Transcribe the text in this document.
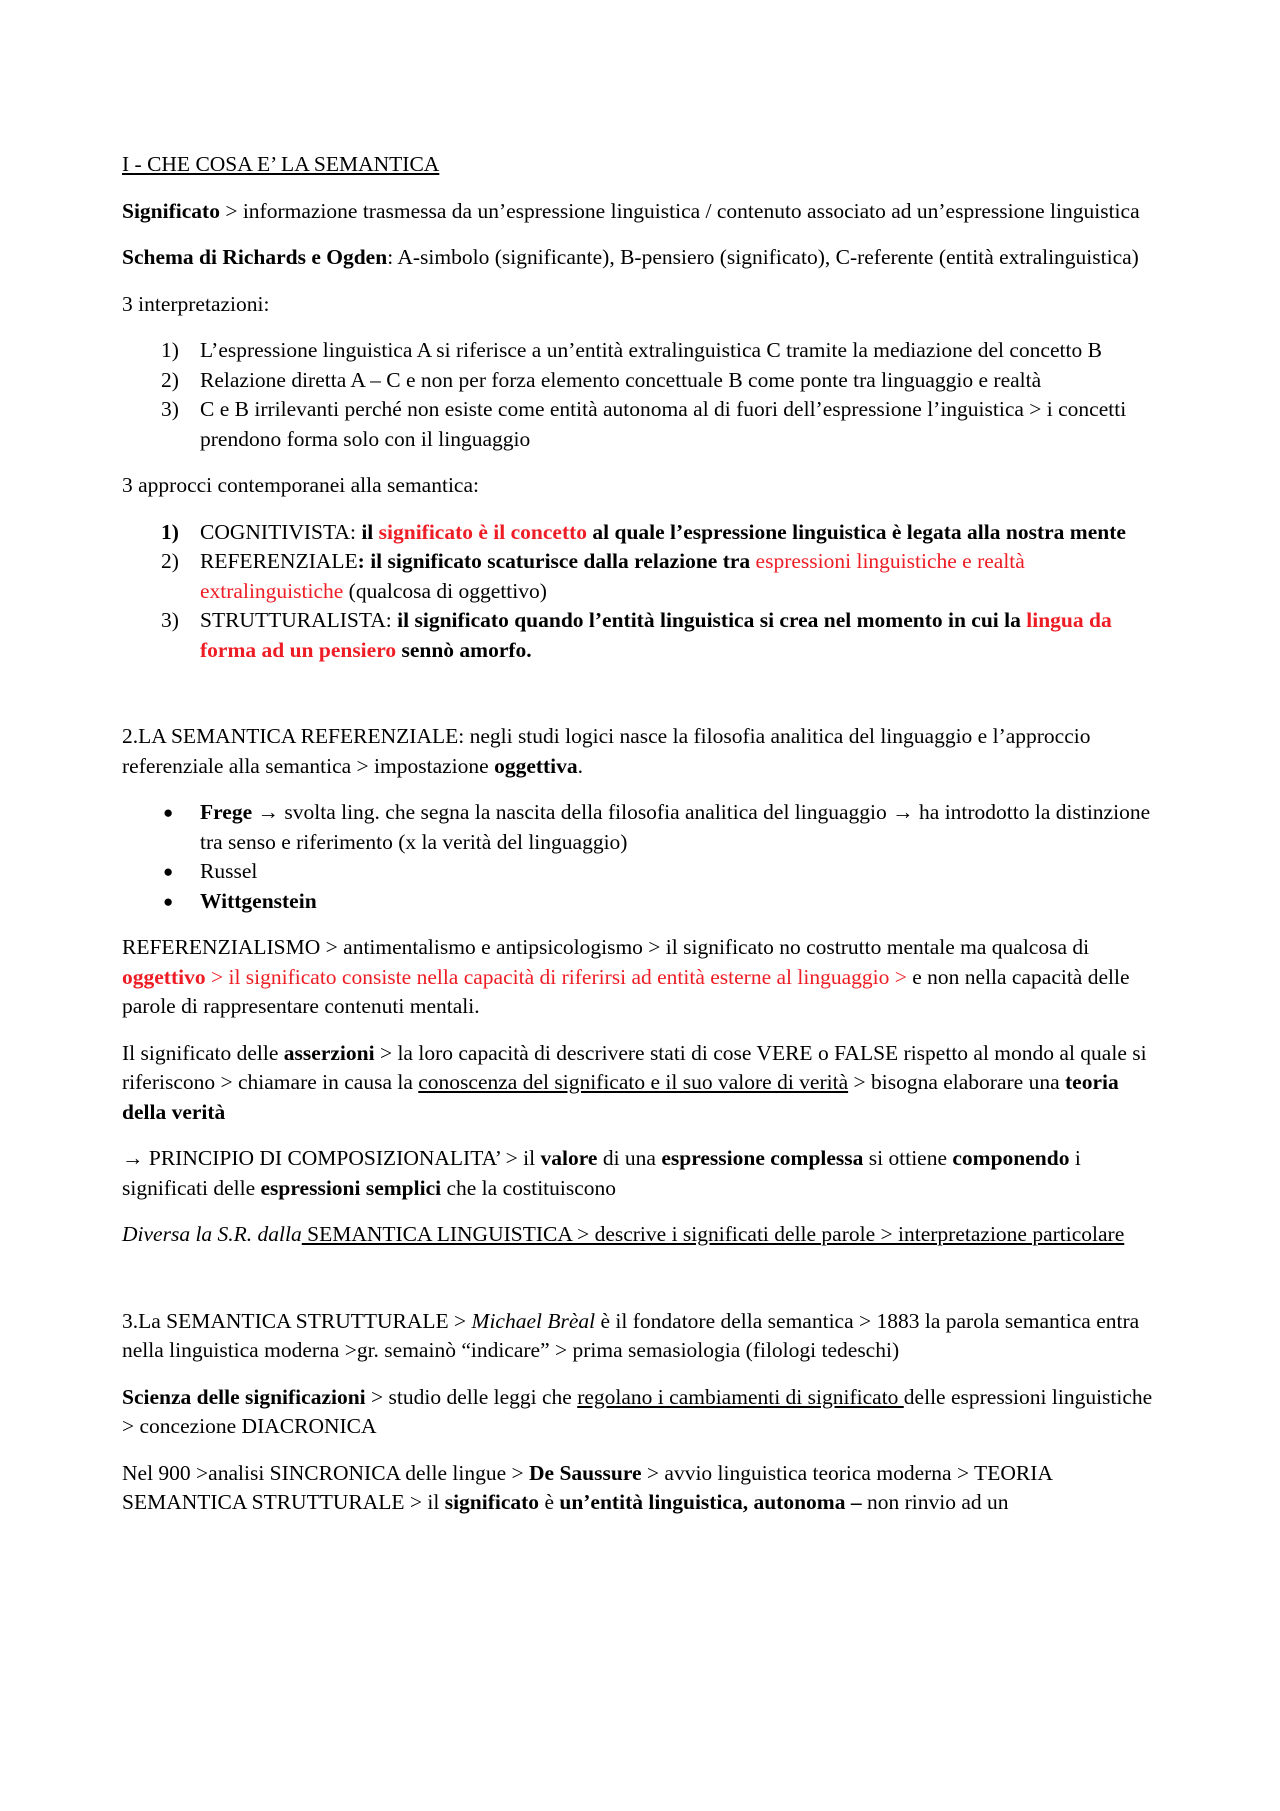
I - CHE COSA E’ LA SEMANTICA

Significato > informazione trasmessa da un’espressione linguistica / contenuto associato ad un’espressione linguistica

Schema di Richards e Ogden: A-simbolo (significante), B-pensiero (significato), C-referente (entità extralinguistica)

3 interpretazioni:

1) L’espressione linguistica A si riferisce a un’entità extralinguistica C tramite la mediazione del concetto B
2) Relazione diretta A – C e non per forza elemento concettuale B come ponte tra linguaggio e realtà
3) C e B irrilevanti perché non esiste come entità autonoma al di fuori dell’espressione l’inguistica > i concetti prendono forma solo con il linguaggio

3 approcci contemporanei alla semantica:

1) COGNITIVISTA: il significato è il concetto al quale l’espressione linguistica è legata alla nostra mente
2) REFERENZIALE: il significato scaturisce dalla relazione tra espressioni linguistiche e realtà extralinguistiche (qualcosa di oggettivo)
3) STRUTTURALISTA: il significato quando l’entità linguistica si crea nel momento in cui la lingua da forma ad un pensiero sennò amorfo.

2.LA SEMANTICA REFERENZIALE: negli studi logici nasce la filosofia analitica del linguaggio e l’approccio referenziale alla semantica > impostazione oggettiva.

● Frege → svolta ling. che segna la nascita della filosofia analitica del linguaggio → ha introdotto la distinzione tra senso e riferimento (x la verità del linguaggio)
● Russel
● Wittgenstein

REFERENZIALISMO > antimentalismo e antipsicologismo > il significato no costrutto mentale ma qualcosa di oggettivo > il significato consiste nella capacità di riferirsi ad entità esterne al linguaggio > e non nella capacità delle parole di rappresentare contenuti mentali.

Il significato delle asserzioni > la loro capacità di descrivere stati di cose VERE o FALSE rispetto al mondo al quale si riferiscono > chiamare in causa la conoscenza del significato e il suo valore di verità > bisogna elaborare una teoria della verità

→ PRINCIPIO DI COMPOSIZIONALITA’ > il valore di una espressione complessa si ottiene componendo i significati delle espressioni semplici che la costituiscono

Diversa la S.R. dalla SEMANTICA LINGUISTICA > descrive i significati delle parole > interpretazione particolare

3.La SEMANTICA STRUTTURALE > Michael Brèal è il fondatore della semantica > 1883 la parola semantica entra nella linguistica moderna >gr. semainò “indicare” > prima semasiologia (filologi tedeschi)

Scienza delle significazioni > studio delle leggi che regolano i cambiamenti di significato delle espressioni linguistiche > concezione DIACRONICA

Nel 900 >analisi SINCRONICA delle lingue > De Saussure > avvio linguistica teorica moderna > TEORIA SEMANTICA STRUTTURALE > il significato è un’entità linguistica, autonoma – non rinvio ad un
